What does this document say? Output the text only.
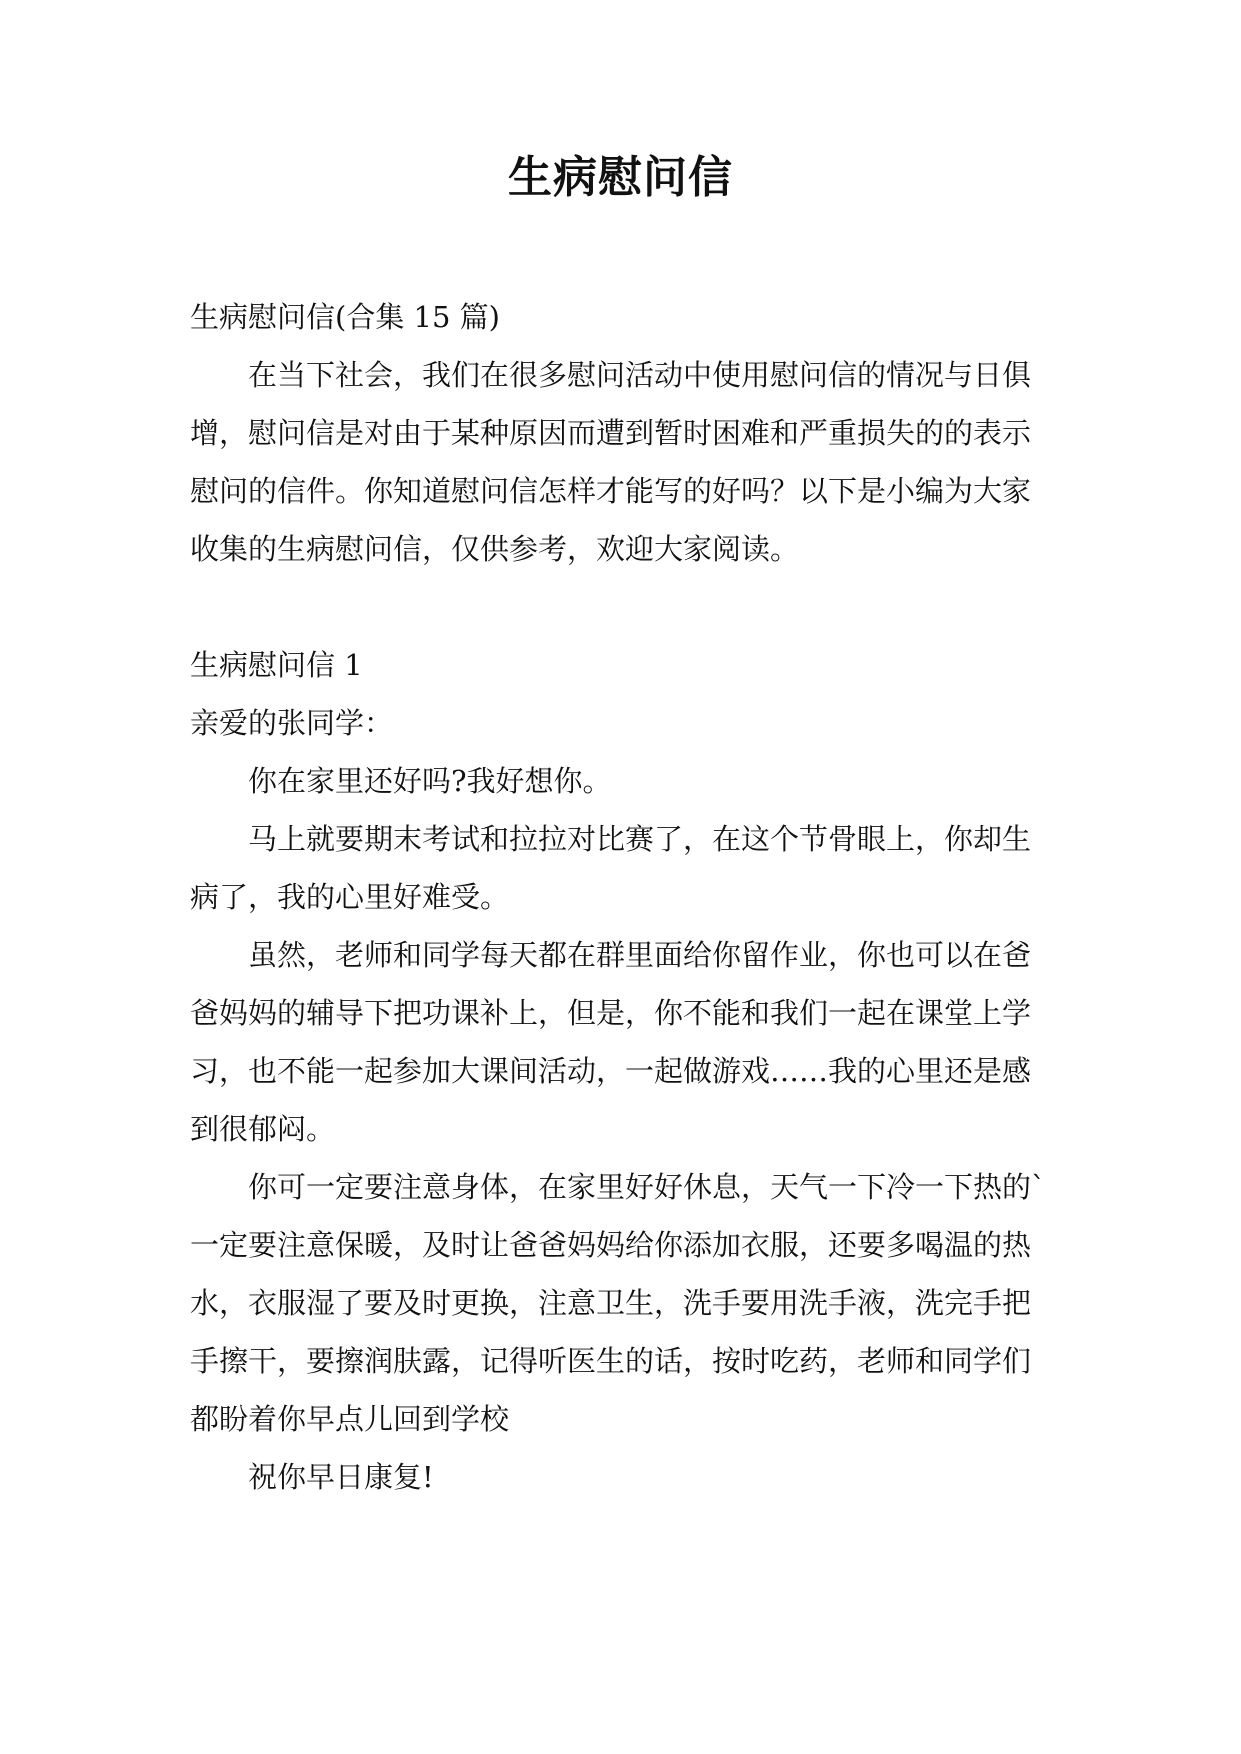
生病慰问信

生病慰问信(合集 15 篇)

在当下社会，我们在很多慰问活动中使用慰问信的情况与日俱增，慰问信是对由于某种原因而遭到暂时困难和严重损失的的表示慰问的信件。你知道慰问信怎样才能写的好吗？以下是小编为大家收集的生病慰问信，仅供参考，欢迎大家阅读。

生病慰问信 1

亲爱的张同学：

你在家里还好吗?我好想你。

马上就要期末考试和拉拉对比赛了，在这个节骨眼上，你却生病了，我的心里好难受。

虽然，老师和同学每天都在群里面给你留作业，你也可以在爸爸妈妈的辅导下把功课补上，但是，你不能和我们一起在课堂上学习，也不能一起参加大课间活动，一起做游戏……我的心里还是感到很郁闷。

你可一定要注意身体，在家里好好休息，天气一下冷一下热的`一定要注意保暖，及时让爸爸妈妈给你添加衣服，还要多喝温的热水，衣服湿了要及时更换，注意卫生，洗手要用洗手液，洗完手把手擦干，要擦润肤露，记得听医生的话，按时吃药，老师和同学们都盼着你早点儿回到学校

祝你早日康复!
